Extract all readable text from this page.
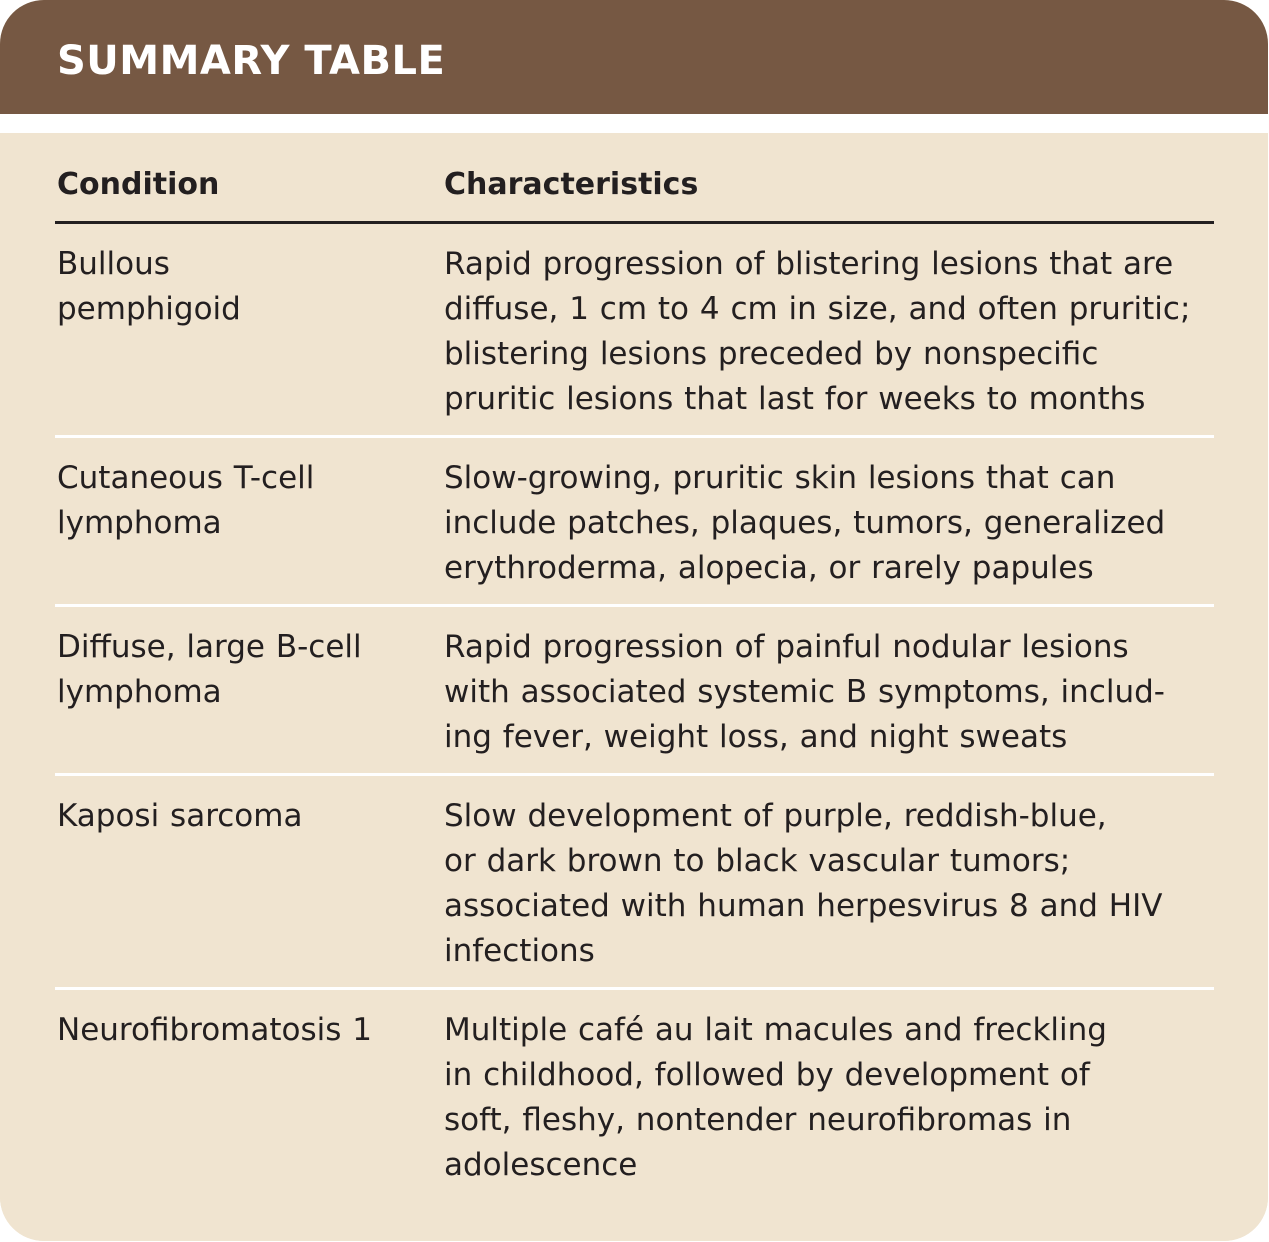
SUMMARY TABLE
Condition	Characteristics

Bullous
pemphigoid	Rapid progression of blistering lesions that are
diffuse, 1 cm to 4 cm in size, and often pruritic;
blistering lesions preceded by nonspecific
pruritic lesions that last for weeks to months

Cutaneous T-cell
lymphoma	Slow-growing, pruritic skin lesions that can
include patches, plaques, tumors, generalized
erythroderma, alopecia, or rarely papules

Diffuse, large B-cell
lymphoma	Rapid progression of painful nodular lesions
with associated systemic B symptoms, includ-
ing fever, weight loss, and night sweats

Kaposi sarcoma	Slow development of purple, reddish-blue,
or dark brown to black vascular tumors;
associated with human herpesvirus 8 and HIV
infections

Neurofibromatosis 1	Multiple café au lait macules and freckling
in childhood, followed by development of
soft, fleshy, nontender neurofibromas in
adolescence
